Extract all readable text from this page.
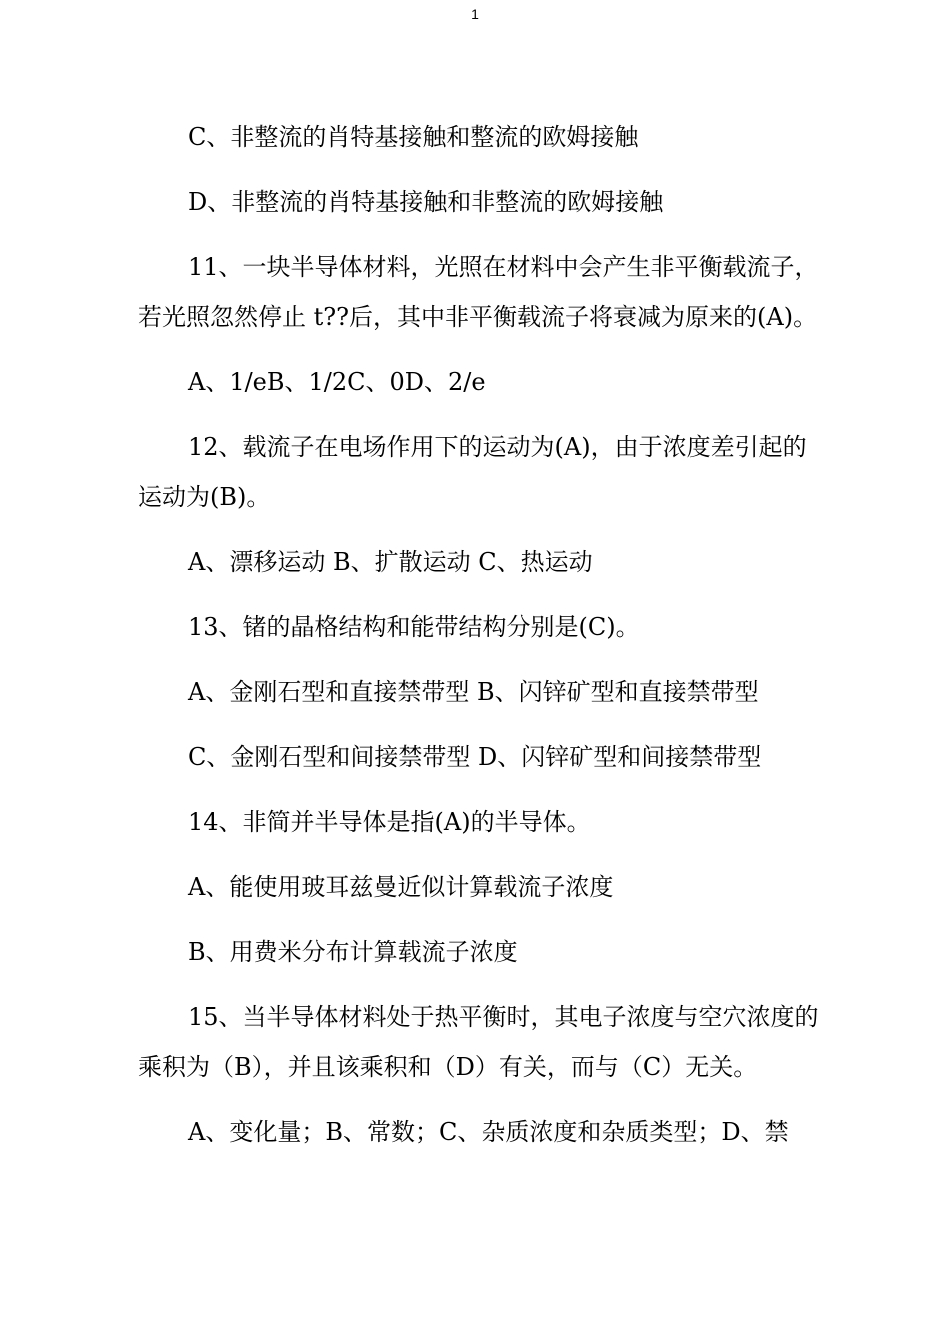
1

C、非整流的肖特基接触和整流的欧姆接触

D、非整流的肖特基接触和非整流的欧姆接触

11、一块半导体材料，光照在材料中会产生非平衡载流子，若光照忽然停止 t??后，其中非平衡载流子将衰减为原来的(A)。

A、1/eB、1/2C、0D、2/e

12、载流子在电场作用下的运动为(A)，由于浓度差引起的运动为(B)。

A、漂移运动 B、扩散运动 C、热运动

13、锗的晶格结构和能带结构分别是(C)。

A、金刚石型和直接禁带型 B、闪锌矿型和直接禁带型

C、金刚石型和间接禁带型 D、闪锌矿型和间接禁带型

14、非简并半导体是指(A)的半导体。

A、能使用玻耳兹曼近似计算载流子浓度

B、用费米分布计算载流子浓度

15、当半导体材料处于热平衡时，其电子浓度与空穴浓度的乘积为（B），并且该乘积和（D）有关，而与（C）无关。

A、变化量；B、常数；C、杂质浓度和杂质类型；D、禁
